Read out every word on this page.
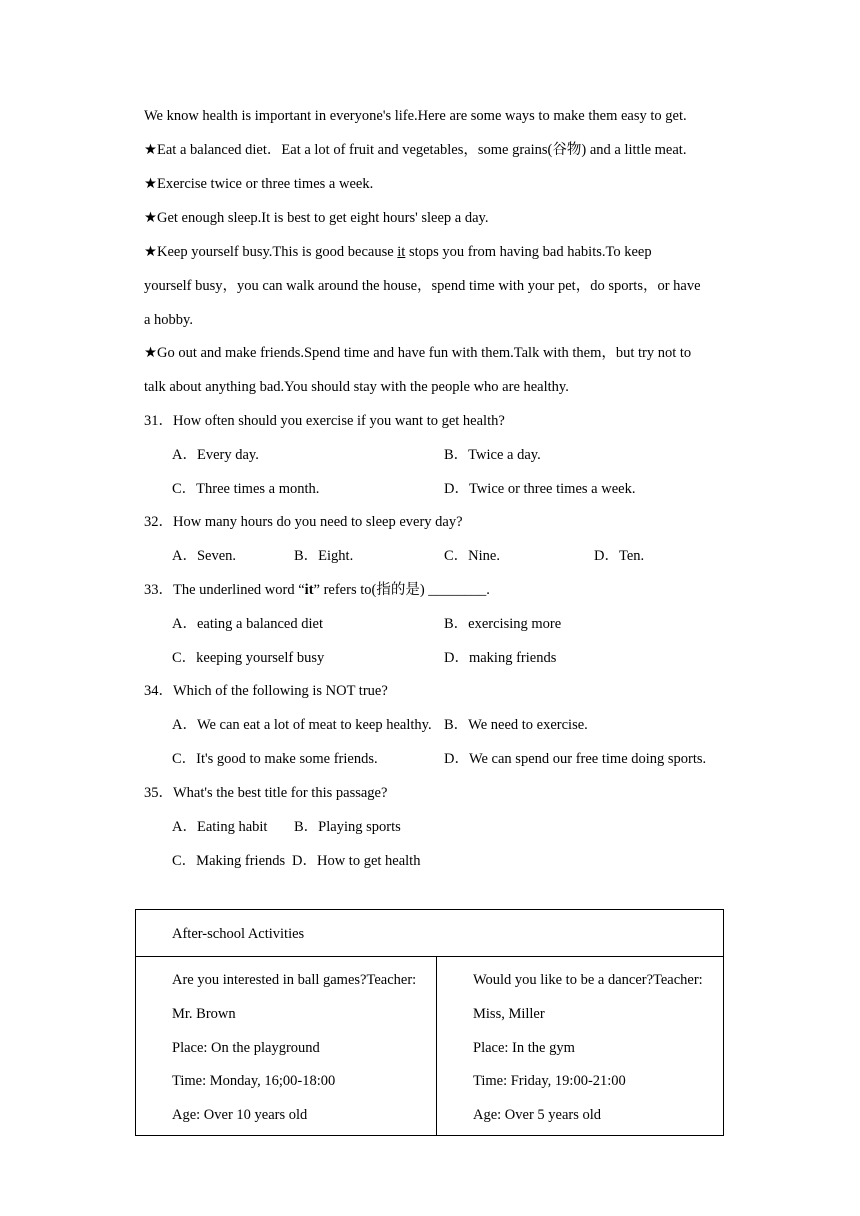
We know health is important in everyone's life.Here are some ways to make them easy to get.
★Eat a balanced diet．Eat a lot of fruit and vegetables，some grains(谷物) and a little meat.
★Exercise twice or three times a week.
★Get enough sleep.It is best to get eight hours' sleep a day.
★Keep yourself busy.This is good because it stops you from having bad habits.To keep
yourself busy，you can walk around the house，spend time with your pet，do sports，or have
a hobby.
★Go out and make friends.Spend time and have fun with them.Talk with them，but try not to
talk about anything bad.You should stay with the people who are healthy.
31．How often should you exercise if you want to get health?
A．Every day.	B．Twice a day.
C．Three times a month.	D．Twice or three times a week.
32．How many hours do you need to sleep every day?
A．Seven.	B．Eight.	C．Nine.	D．Ten.
33．The underlined word “it” refers to(指的是) ________.
A．eating a balanced diet	B．exercising more
C．keeping yourself busy	D．making friends
34．Which of the following is NOT true?
A．We can eat a lot of meat to keep healthy. B．We need to exercise.
C．It's good to make some friends.	D．We can spend our free time doing sports.
35．What's the best title for this passage?
A．Eating habit B．Playing sports
C．Making friends D．How to get health
After-school Activities
Are you interested in ball games?Teacher:
Mr. Brown
Place: On the playground
Time: Monday, 16;00-18:00
Age: Over 10 years old
Would you like to be a dancer?Teacher:
Miss, Miller
Place: In the gym
Time: Friday, 19:00-21:00
Age: Over 5 years old
